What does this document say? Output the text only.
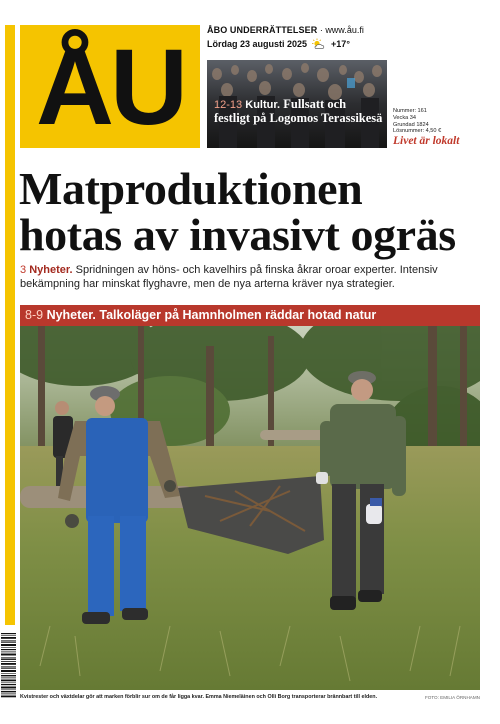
ÅU	ÅBO UNDERRÄTTELSER · www.åu.fi
Lördag 23 augusti 2025	+17°
12-13 Kultur. Fullsatt och festligt på Logomos Terassikesä Nummer: 161
Vecka 34
Grundad 1824
Lösnummer: 4,50 €
Livet är lokalt
Matproduktionen
hotas av invasivt ogräs
3 Nyheter. Spridningen av höns- och kavelhirs på finska åkrar oroar experter. Intensiv bekämpning har minskat flyghavre, men de nya arterna kräver nya strategier.
8-9 Nyheter. Talkoläger på Hamnholmen räddar hotad natur
Kvistrester och växtdelar gör att marken förblir sur om de får ligga kvar. Emma Niemeläinen och Olli Borg transporterar brännbart till elden.	FOTO: EMILIA ÖRNHAMN
